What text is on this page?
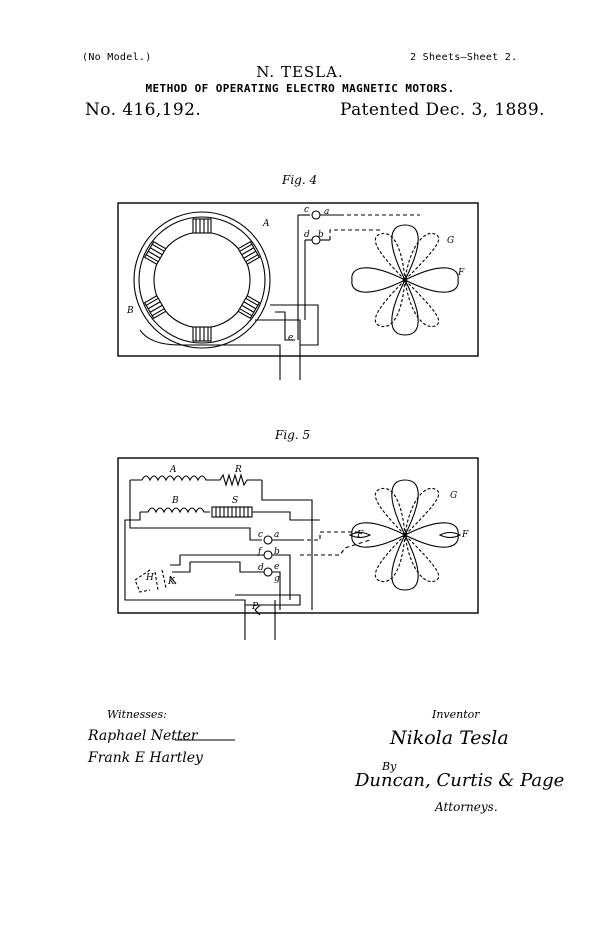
(No Model.)	2 Sheets—Sheet 2.
N. TESLA.
METHOD OF OPERATING ELECTRO MAGNETIC MOTORS.
No. 416,192.	Patented Dec. 3, 1889.
Fig. 4
Fig. 5
A
B
a
b
c
d
e
G
F
A	R
B	S	G
F	F
a
b
c
d e
f
g
H K
P
Witnesses:
Raphael Netter
Frank E Hartley
Inventor
Nikola Tesla
By
Duncan, Curtis & Page
Attorneys.
